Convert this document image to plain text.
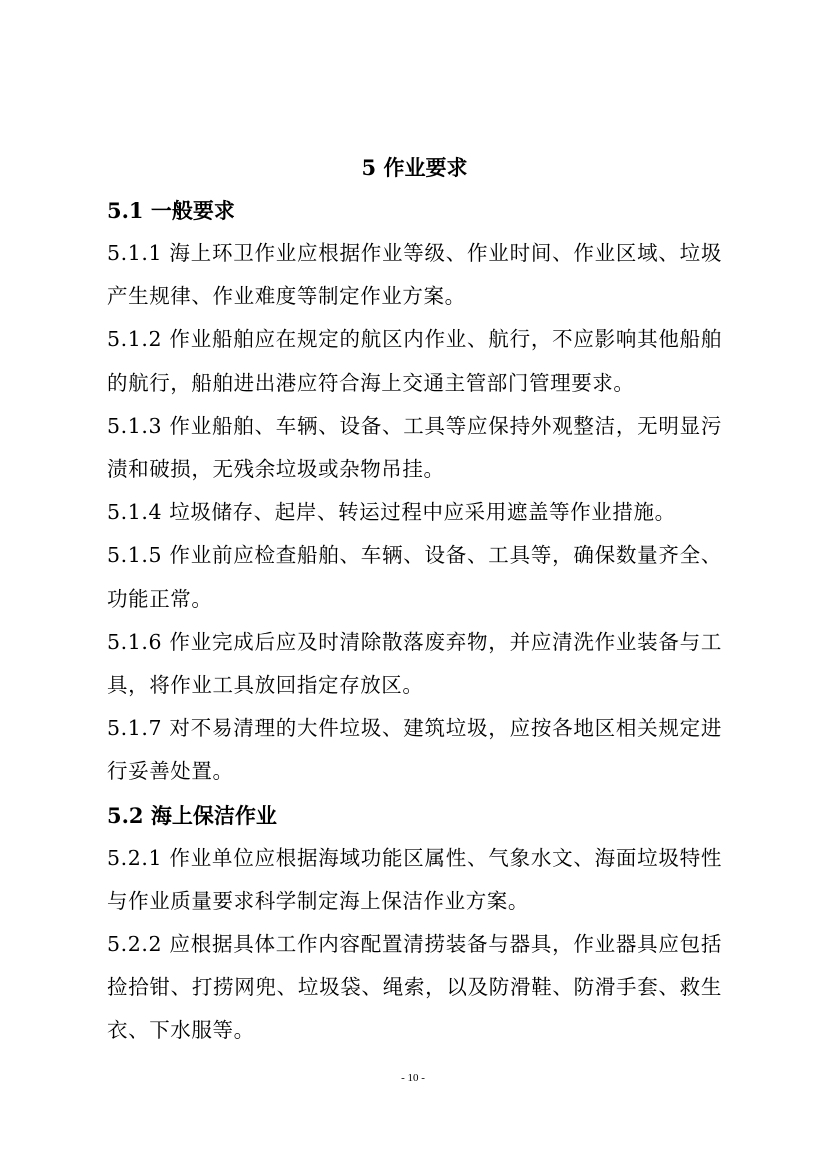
5 作业要求
5.1 一般要求

5.1.1 海上环卫作业应根据作业等级、作业时间、作业区域、垃圾产生规律、作业难度等制定作业方案。

5.1.2 作业船舶应在规定的航区内作业、航行，不应影响其他船舶的航行，船舶进出港应符合海上交通主管部门管理要求。

5.1.3 作业船舶、车辆、设备、工具等应保持外观整洁，无明显污渍和破损，无残余垃圾或杂物吊挂。

5.1.4 垃圾储存、起岸、转运过程中应采用遮盖等作业措施。

5.1.5 作业前应检查船舶、车辆、设备、工具等，确保数量齐全、功能正常。

5.1.6 作业完成后应及时清除散落废弃物，并应清洗作业装备与工具，将作业工具放回指定存放区。

5.1.7 对不易清理的大件垃圾、建筑垃圾，应按各地区相关规定进行妥善处置。

5.2 海上保洁作业

5.2.1 作业单位应根据海域功能区属性、气象水文、海面垃圾特性与作业质量要求科学制定海上保洁作业方案。

5.2.2 应根据具体工作内容配置清捞装备与器具，作业器具应包括捡拾钳、打捞网兜、垃圾袋、绳索，以及防滑鞋、防滑手套、救生衣、下水服等。

- 10 -
